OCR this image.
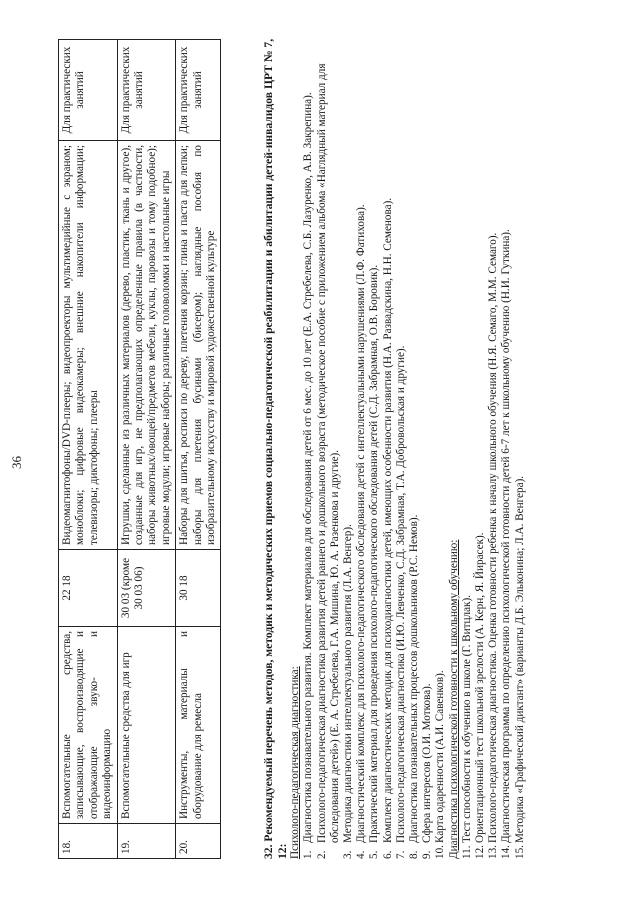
36
18.	Вспомогательные средства, записывающие, воспроизводящие и отображающие звуко- и видеоинформацию	22 18	Видеомагнитофоны/DVD-плееры; видеопроекторы мультимедийные с экраном; моноблоки; цифровые видеокамеры; внешние накопители информации; телевизоры; диктофоны; плееры	Для практических занятий
19.	Вспомогательные средства для игр	30 03 (кроме 30 03 06)	Игрушки, сделанные из различных материалов (дерево, пластик, ткань и другое), созданные для игр, не предполагающих определенные правила (в частности, наборы животных/овощей/предметов мебели, куклы, паровозы и тому подобное); игровые модули; игровые наборы; различные головоломки и настольные игры	Для практических занятий
20.	Инструменты, материалы и оборудование для ремесла	30 18	Наборы для шитья, росписи по дереву, плетения корзин; глина и паста для лепки; наборы для плетения бусинами (бисером); наглядные пособия по изобразительному искусству и мировой художественной культуре	Для практических занятий	32. Рекомендуемый перечень методов, методик и методических приемов социально-педагогической реабилитации и абилитации детей-инвалидов ЦРТ № 7, 12: Психолого-педагогическая диагностика: 1.
Диагностика познавательного развития. Комплект материалов для обследования детей от 6 мес. до 10 лет (Е.А. Стребелева, С.Б. Лазуренко, А.В. Закрепина).
2.
Психолого-педагогическая диагностика развития детей раннего и дошкольного возраста (методическое пособие с приложением альбома «Наглядный материал для обследования детей») (Е. А. Стребелева, Г.А. Мишина, Ю. А. Разенкова и другие).
3.
Методика диагностики интеллектуального развития (Л.А. Венгер).
4.
Диагностический комплекс для психолого-педагогического обследования детей с интеллектуальными нарушениями (Л.Ф. Фатихова).
5.
Практический материал для проведения психолого-педагогического обследования детей (С.Д. Забрамная, О.В. Боровик).
6.
Комплект диагностических методик для психодиагностики детей, имеющих особенности развития (Н.А. Развадскина, Н.Н. Семенова).
7.
Психолого-педагогическая диагностика (И.Ю. Левченко, С.Д. Забрамная, Т.А. Добровольская и другие).
8.
Диагностика познавательных процессов дошкольников (Р.С. Немов).
9.
Сфера интересов (О.И. Моткова).
10.
Карта одаренности (А.И. Савенков). Диагностика психологической готовности к школьному обучению: 11.
Тест способности к обучению в школе (Г. Витцлак).
12.
Ориентационный тест школьной зрелости (А. Керн, Я. Йирасек).
13.
Психолого-педагогическая диагностика. Оценка готовности ребенка к началу школьного обучения (Н.Я. Семаго, М.М. Семаго).
14.
Диагностическая программа по определению психологической готовности детей 6-7 лет к школьному обучению (Н.И. Гуткина).
15.
Методика «Графический диктант» (варианты Д.Б. Эльконина; Л.А. Венгера).
